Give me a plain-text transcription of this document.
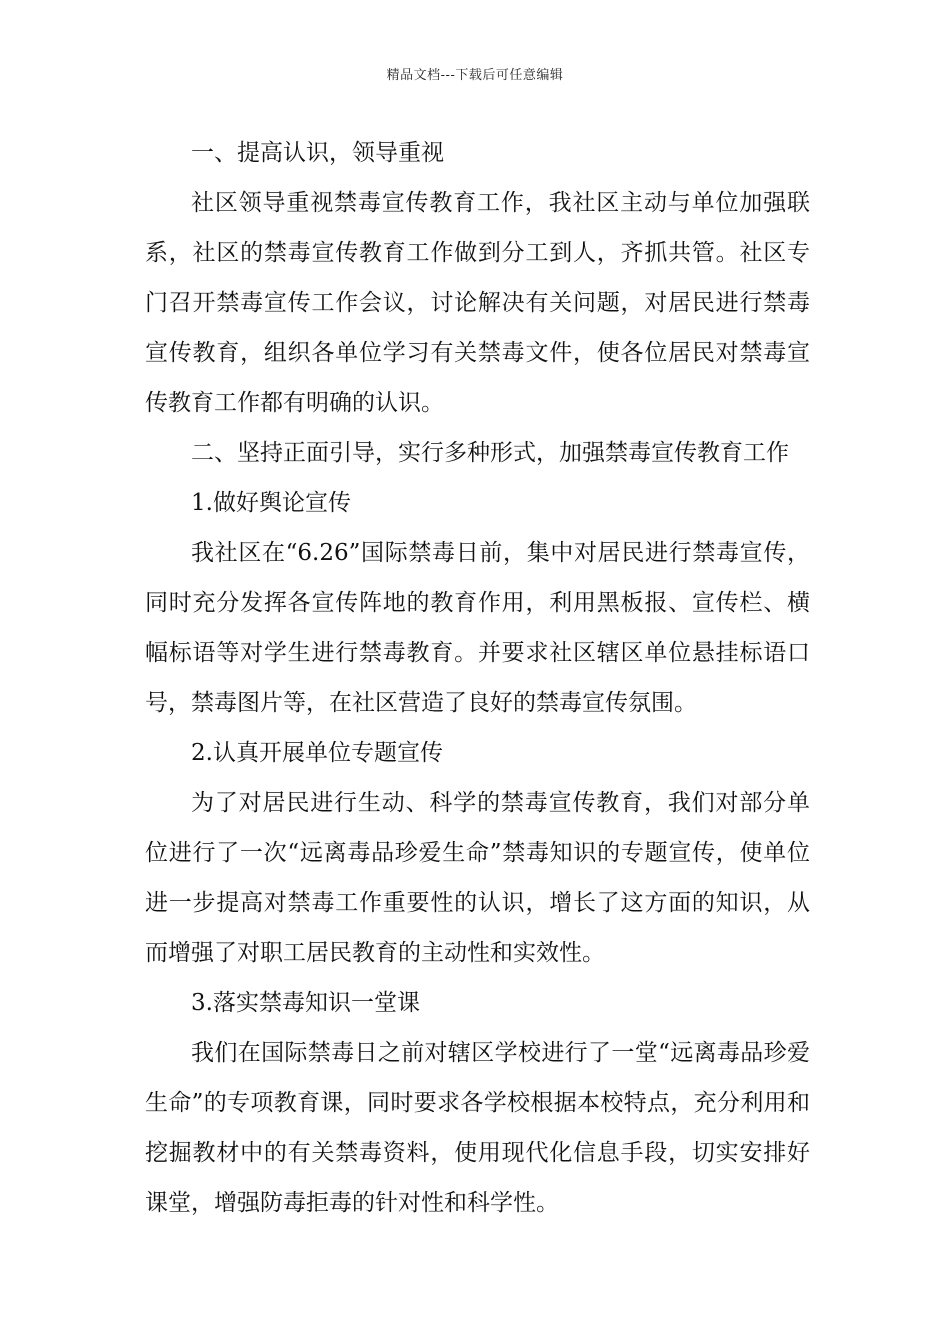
精品文档---下载后可任意编辑

一、提高认识，领导重视

社区领导重视禁毒宣传教育工作，我社区主动与单位加强联系，社区的禁毒宣传教育工作做到分工到人，齐抓共管。社区专门召开禁毒宣传工作会议，讨论解决有关问题，对居民进行禁毒宣传教育，组织各单位学习有关禁毒文件，使各位居民对禁毒宣传教育工作都有明确的认识。

二、坚持正面引导，实行多种形式，加强禁毒宣传教育工作

1.做好舆论宣传

我社区在“6.26”国际禁毒日前，集中对居民进行禁毒宣传，同时充分发挥各宣传阵地的教育作用，利用黑板报、宣传栏、横幅标语等对学生进行禁毒教育。并要求社区辖区单位悬挂标语口号，禁毒图片等，在社区营造了良好的禁毒宣传氛围。

2.认真开展单位专题宣传

为了对居民进行生动、科学的禁毒宣传教育，我们对部分单位进行了一次“远离毒品珍爱生命”禁毒知识的专题宣传，使单位进一步提高对禁毒工作重要性的认识，增长了这方面的知识，从而增强了对职工居民教育的主动性和实效性。

3.落实禁毒知识一堂课

我们在国际禁毒日之前对辖区学校进行了一堂“远离毒品珍爱生命”的专项教育课，同时要求各学校根据本校特点，充分利用和挖掘教材中的有关禁毒资料，使用现代化信息手段，切实安排好课堂，增强防毒拒毒的针对性和科学性。
